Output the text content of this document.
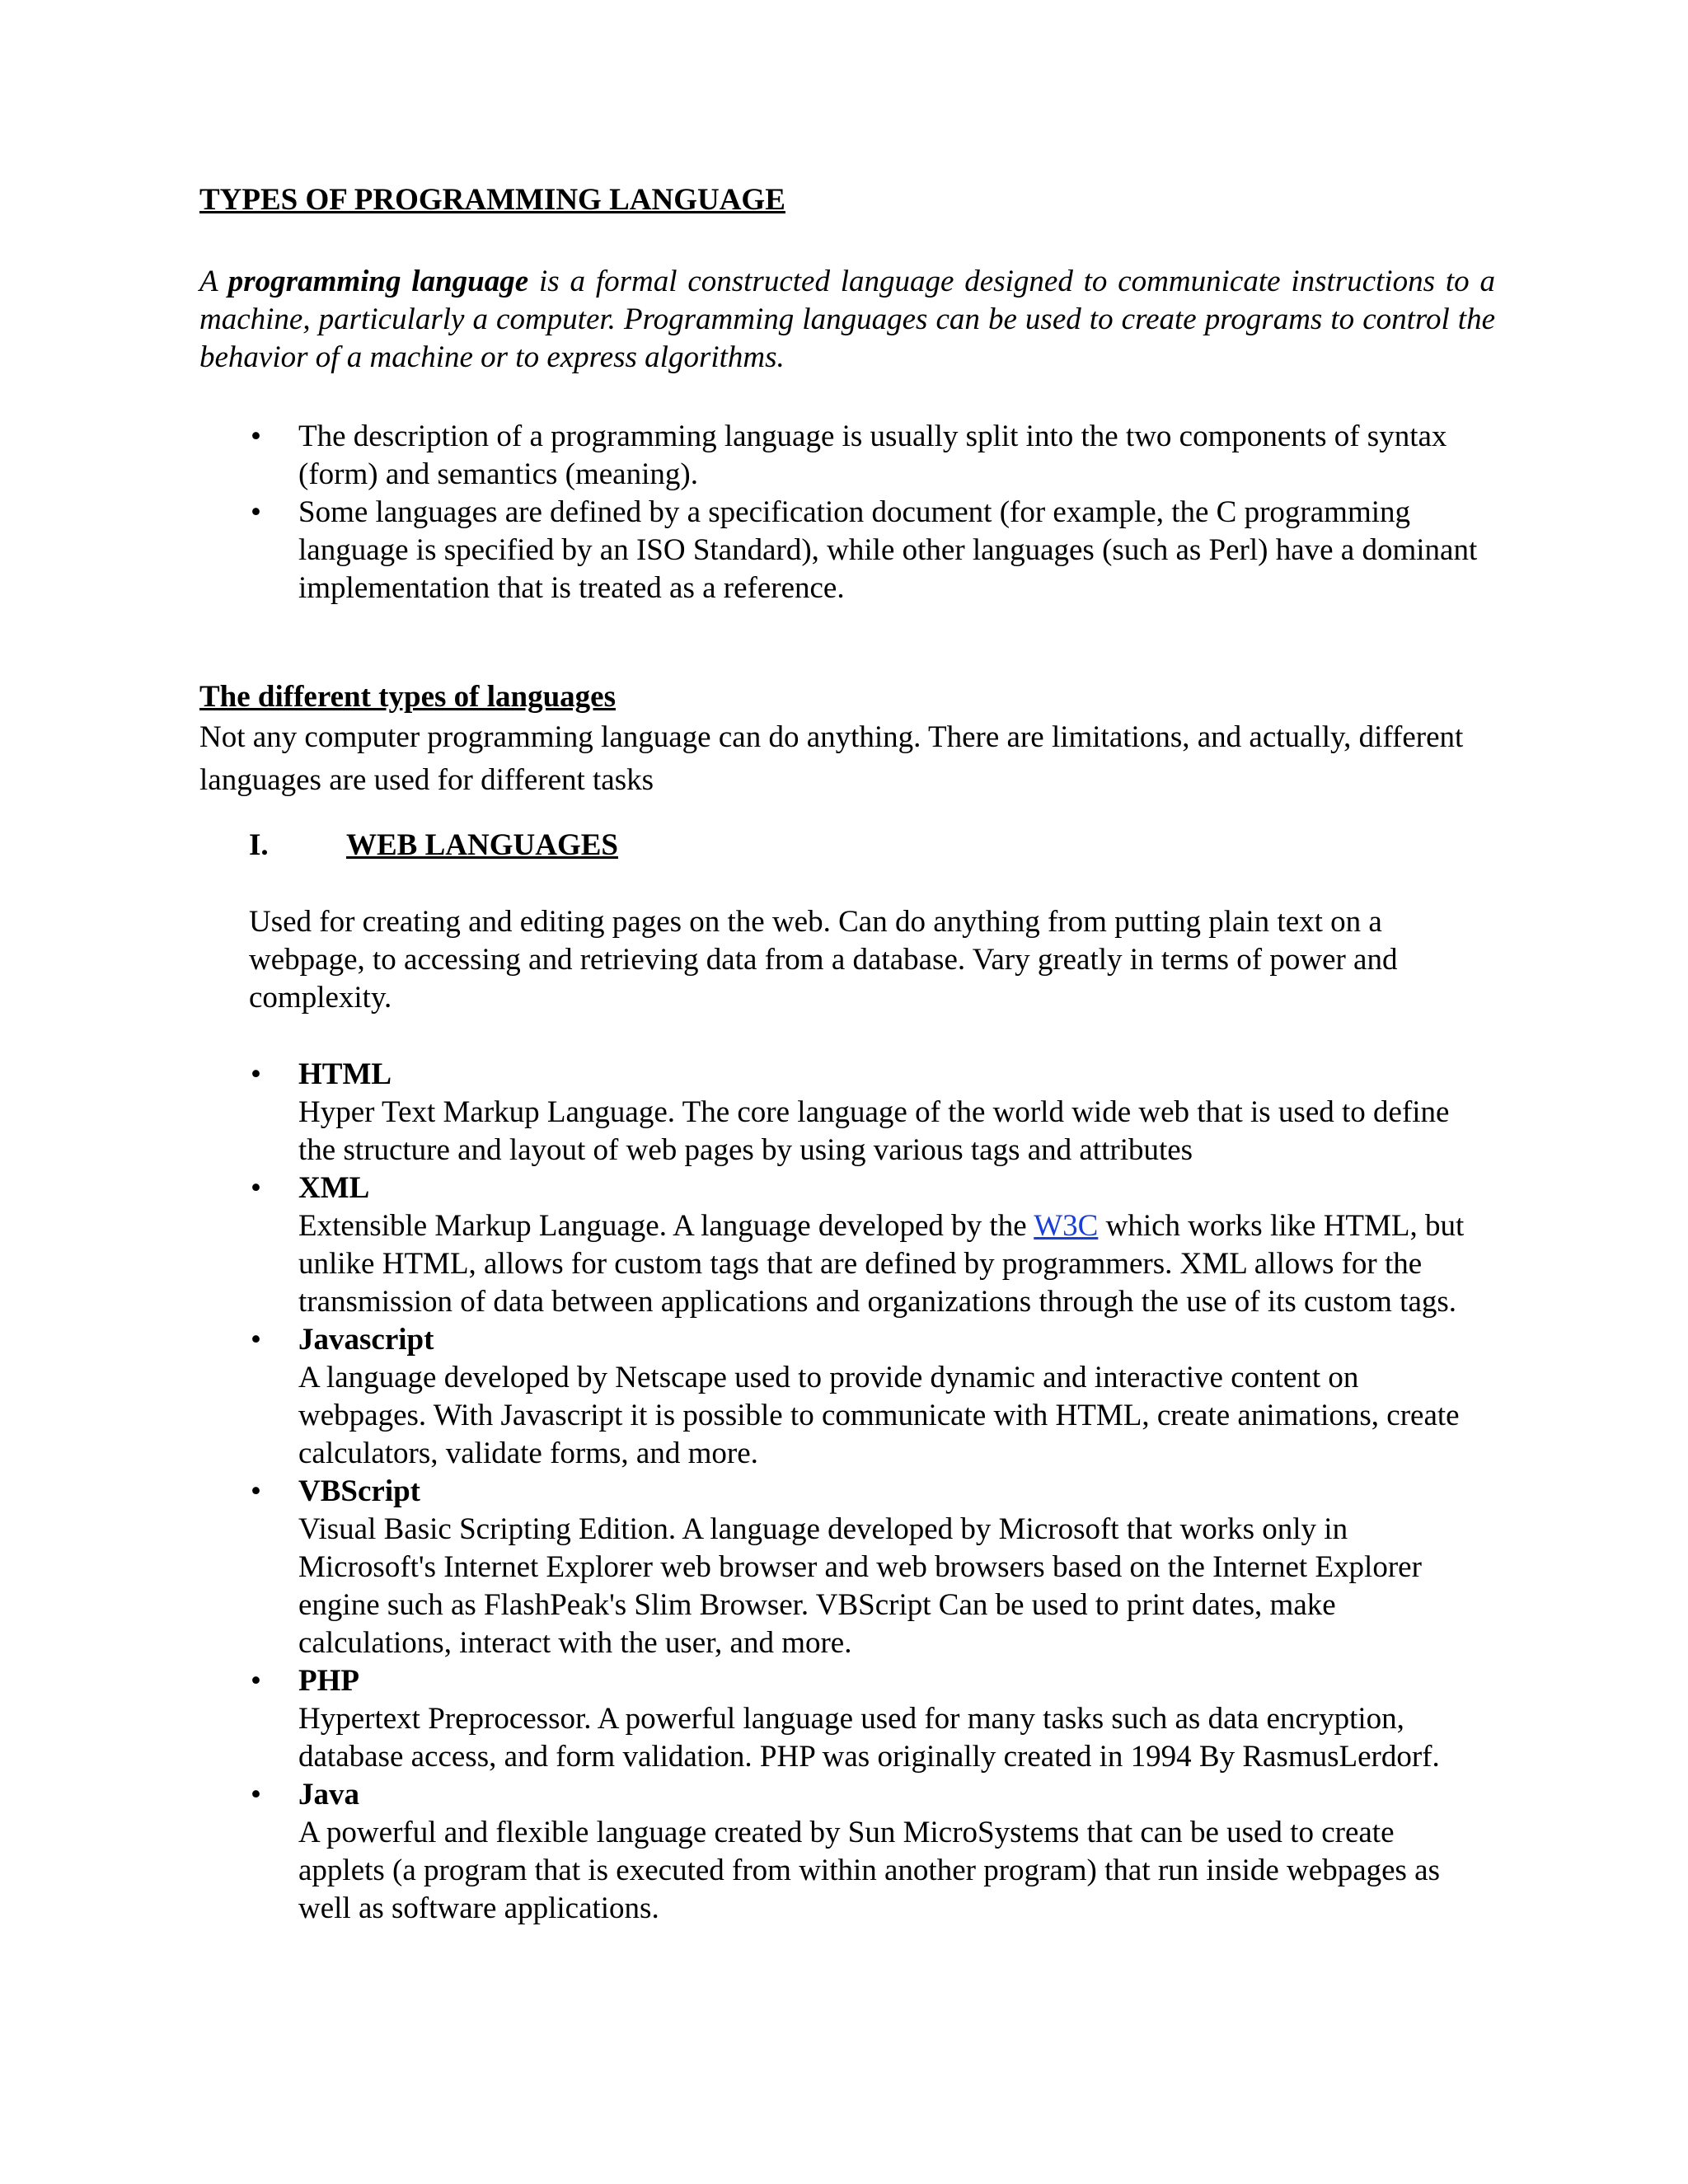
TYPES OF PROGRAMMING LANGUAGE

A programming language is a formal constructed language designed to communicate instructions to a machine, particularly a computer. Programming languages can be used to create programs to control the behavior of a machine or to express algorithms.

• The description of a programming language is usually split into the two components of syntax (form) and semantics (meaning).
• Some languages are defined by a specification document (for example, the C programming language is specified by an ISO Standard), while other languages (such as Perl) have a dominant implementation that is treated as a reference.
The different types of languages

Not any computer programming language can do anything. There are limitations, and actually, different languages are used for different tasks

I.	WEB LANGUAGES

Used for creating and editing pages on the web. Can do anything from putting plain text on a webpage, to accessing and retrieving data from a database. Vary greatly in terms of power and complexity.

• HTML
Hyper Text Markup Language. The core language of the world wide web that is used to define the structure and layout of web pages by using various tags and attributes
• XML
Extensible Markup Language. A language developed by the W3C which works like HTML, but unlike HTML, allows for custom tags that are defined by programmers. XML allows for the transmission of data between applications and organizations through the use of its custom tags.
• Javascript
A language developed by Netscape used to provide dynamic and interactive content on webpages. With Javascript it is possible to communicate with HTML, create animations, create calculators, validate forms, and more.
• VBScript
Visual Basic Scripting Edition. A language developed by Microsoft that works only in Microsoft's Internet Explorer web browser and web browsers based on the Internet Explorer engine such as FlashPeak's Slim Browser. VBScript Can be used to print dates, make calculations, interact with the user, and more.
• PHP
Hypertext Preprocessor. A powerful language used for many tasks such as data encryption, database access, and form validation. PHP was originally created in 1994 By RasmusLerdorf.
• Java
A powerful and flexible language created by Sun MicroSystems that can be used to create applets (a program that is executed from within another program) that run inside webpages as well as software applications.
